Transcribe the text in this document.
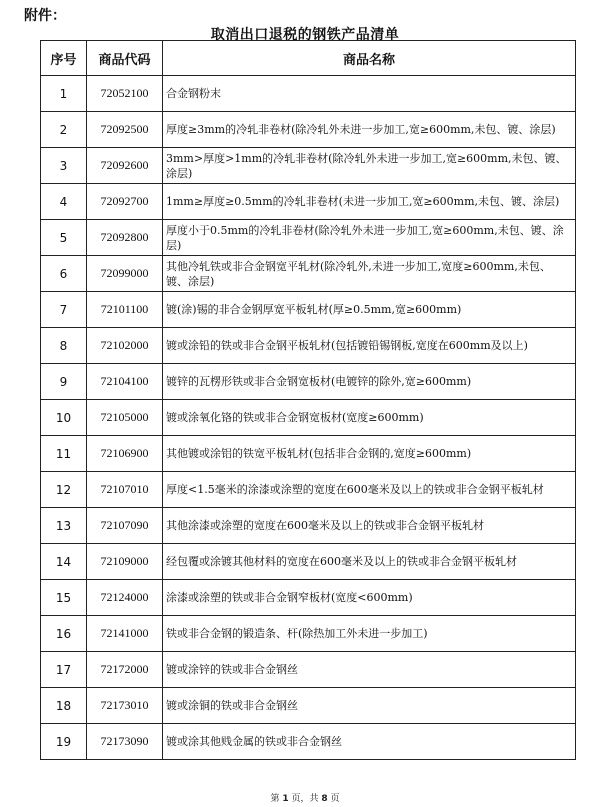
附件：
取消出口退税的钢铁产品清单
序号	商品代码	商品名称
1	72052100	合金钢粉末
2	72092500	厚度≥3mm的冷轧非卷材(除冷轧外未进一步加工,宽≥600mm,未包、镀、涂层)
3	72092600	3mm>厚度>1mm的冷轧非卷材(除冷轧外未进一步加工,宽≥600mm,未包、镀、涂层)
4	72092700	1mm≥厚度≥0.5mm的冷轧非卷材(未进一步加工,宽≥600mm,未包、镀、涂层)
5	72092800	厚度小于0.5mm的冷轧非卷材(除冷轧外未进一步加工,宽≥600mm,未包、镀、涂层)
6	72099000	其他冷轧铁或非合金钢宽平轧材(除冷轧外,未进一步加工,宽度≥600mm,未包、镀、涂层)
7	72101100	镀(涂)锡的非合金钢厚宽平板轧材(厚≥0.5mm,宽≥600mm)
8	72102000	镀或涂铅的铁或非合金钢平板轧材(包括镀铅锡钢板,宽度在600mm及以上)
9	72104100	镀锌的瓦楞形铁或非合金钢宽板材(电镀锌的除外,宽≥600mm)
10	72105000	镀或涂氧化铬的铁或非合金钢宽板材(宽度≥600mm)
11	72106900	其他镀或涂铝的铁宽平板轧材(包括非合金钢的,宽度≥600mm)
12	72107010	厚度<1.5毫米的涂漆或涂塑的宽度在600毫米及以上的铁或非合金钢平板轧材
13	72107090	其他涂漆或涂塑的宽度在600毫米及以上的铁或非合金钢平板轧材
14	72109000	经包覆或涂镀其他材料的宽度在600毫米及以上的铁或非合金钢平板轧材
15	72124000	涂漆或涂塑的铁或非合金钢窄板材(宽度<600mm)
16	72141000	铁或非合金钢的锻造条、杆(除热加工外未进一步加工)
17	72172000	镀或涂锌的铁或非合金钢丝
18	72173010	镀或涂铜的铁或非合金钢丝
19	72173090	镀或涂其他贱金属的铁或非合金钢丝
第 1 页，共 8 页
